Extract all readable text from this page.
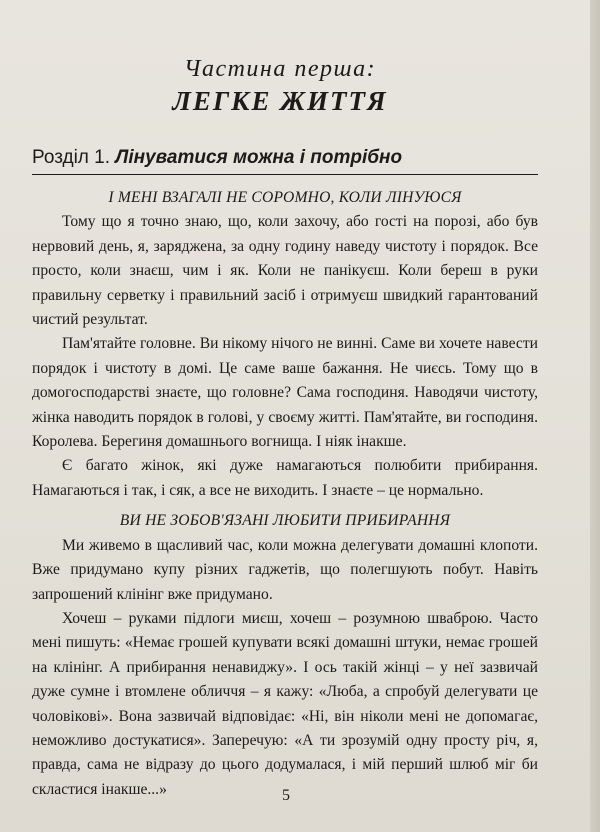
Частина перша:
ЛЕГКЕ ЖИТТЯ
Розділ 1. Лінуватися можна і потрібно
І МЕНІ ВЗАГАЛІ НЕ СОРОМНО, КОЛИ ЛІНУЮСЯ

Тому що я точно знаю, що, коли захочу, або гості на порозі, або був нервовий день, я, заряджена, за одну годину наведу чистоту і порядок. Все просто, коли знаєш, чим і як. Коли не панікуєш. Коли береш в руки правильну серветку і правильний засіб і отримуєш швидкий гарантований чистий результат.

Пам'ятайте головне. Ви нікому нічого не винні. Саме ви хочете навести порядок і чистоту в домі. Це саме ваше бажання. Не чиєсь. Тому що в домогосподарстві знаєте, що головне? Сама господиня. Наводячи чистоту, жінка наводить порядок в голові, у своєму житті. Пам'ятайте, ви господиня. Королева. Берегиня домашнього вогнища. І ніяк інакше.

Є багато жінок, які дуже намагаються полюбити прибирання. Намагаються і так, і сяк, а все не виходить. І знаєте – це нормально.

ВИ НЕ ЗОБОВ'ЯЗАНІ ЛЮБИТИ ПРИБИРАННЯ

Ми живемо в щасливий час, коли можна делегувати домашні клопоти. Вже придумано купу різних гаджетів, що полегшують побут. Навіть запрошений клінінг вже придумано.

Хочеш – руками підлоги миєш, хочеш – розумною шваброю. Часто мені пишуть: «Немає грошей купувати всякі домашні штуки, немає грошей на клінінг. А прибирання ненавиджу». І ось такій жінці – у неї зазвичай дуже сумне і втомлене обличчя – я кажу: «Люба, а спробуй делегувати це чоловікові». Вона зазвичай відповідає: «Ні, він ніколи мені не допомагає, неможливо достукатися». Заперечую: «А ти зрозумій одну просту річ, я, правда, сама не відразу до цього додумалася, і мій перший шлюб міг би скластися інакше...»	5
